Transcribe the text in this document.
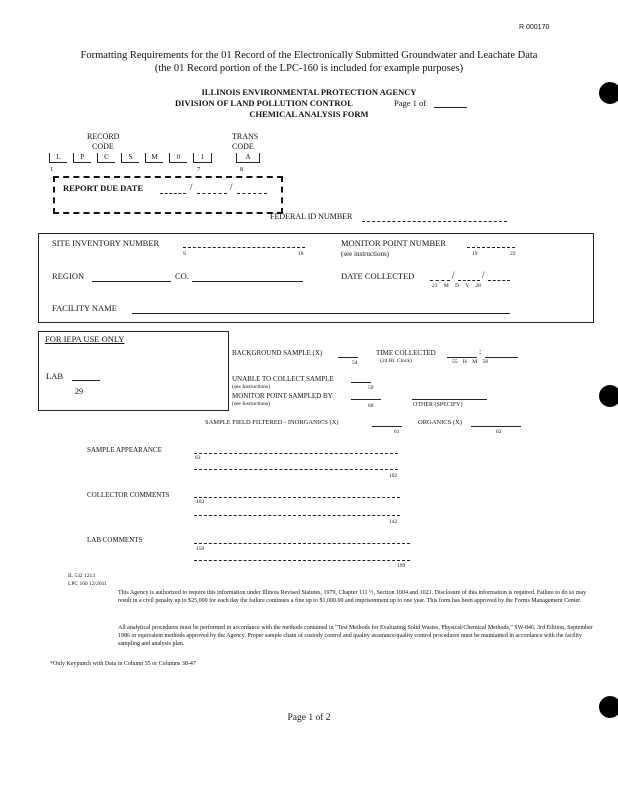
R 000170
Formatting Requirements for the 01 Record of the Electronically Submitted Groundwater and Leachate Data
(the 01 Record portion of the LPC-160 is included for example purposes)
ILLINOIS ENVIRONMENTAL PROTECTION AGENCY
DIVISION OF LAND POLLUTION CONTROL	Page 1 of
CHEMICAL ANALYSIS FORM
RECORD
CODE
L	P	C	S	M	0	1
1	7
TRANS
CODE
A
8
REPORT DUE DATE	/	/
FEDERAL ID NUMBER
SITE INVENTORY NUMBER
9	18
MONITOR POINT NUMBER
(see instructions)	19	22
REGION	CO.	DATE COLLECTED	/	/
23 M D Y 28
FACILITY NAME
FOR IEPA USE ONLY
LAB
29
BACKGROUND SAMPLE (X)
54
TIME COLLECTED	:
(24 Hr. Clock)	55 H M 58
UNABLE TO COLLECT SAMPLE
(see Instructions)	59
MONITOR POINT SAMPLED BY
(see Instructions)	60	OTHER (SPECIFY)
SAMPLE FIELD FILTERED - INORGANICS (X)
61
ORGANICS (X)
62
SAMPLE APPEARANCE
63
102
COLLECTOR COMMENTS
103
142
LAB COMMENTS
150
199
IL 532 1213
LPC 160 12/2011
This Agency is authorized to require this information under Illinois Revised Statutes, 1979, Chapter 111 ½, Section 1004 and 1021. Disclosure of this information is required. Failure to do so may result in a civil penalty up to $25,000 for each day the failure continues a fine up to $1,000.00 and imprisonment up to one year. This form has been approved by the Forms Management Center.
All analytical procedures must be performed in accordance with the methods contained in "Test Methods for Evaluating Solid Wastes, Physical/Chemical Methods," SW-846, 3rd Edition, September 1986 or equivalent methods approved by the Agency. Proper sample chain of custody control and quality assurance/quality control procedures must be maintained in accordance with the facility sampling and analysis plan.
*Only Keypunch with Data in Column 35 or Columns 38-47
Page 1 of 2
